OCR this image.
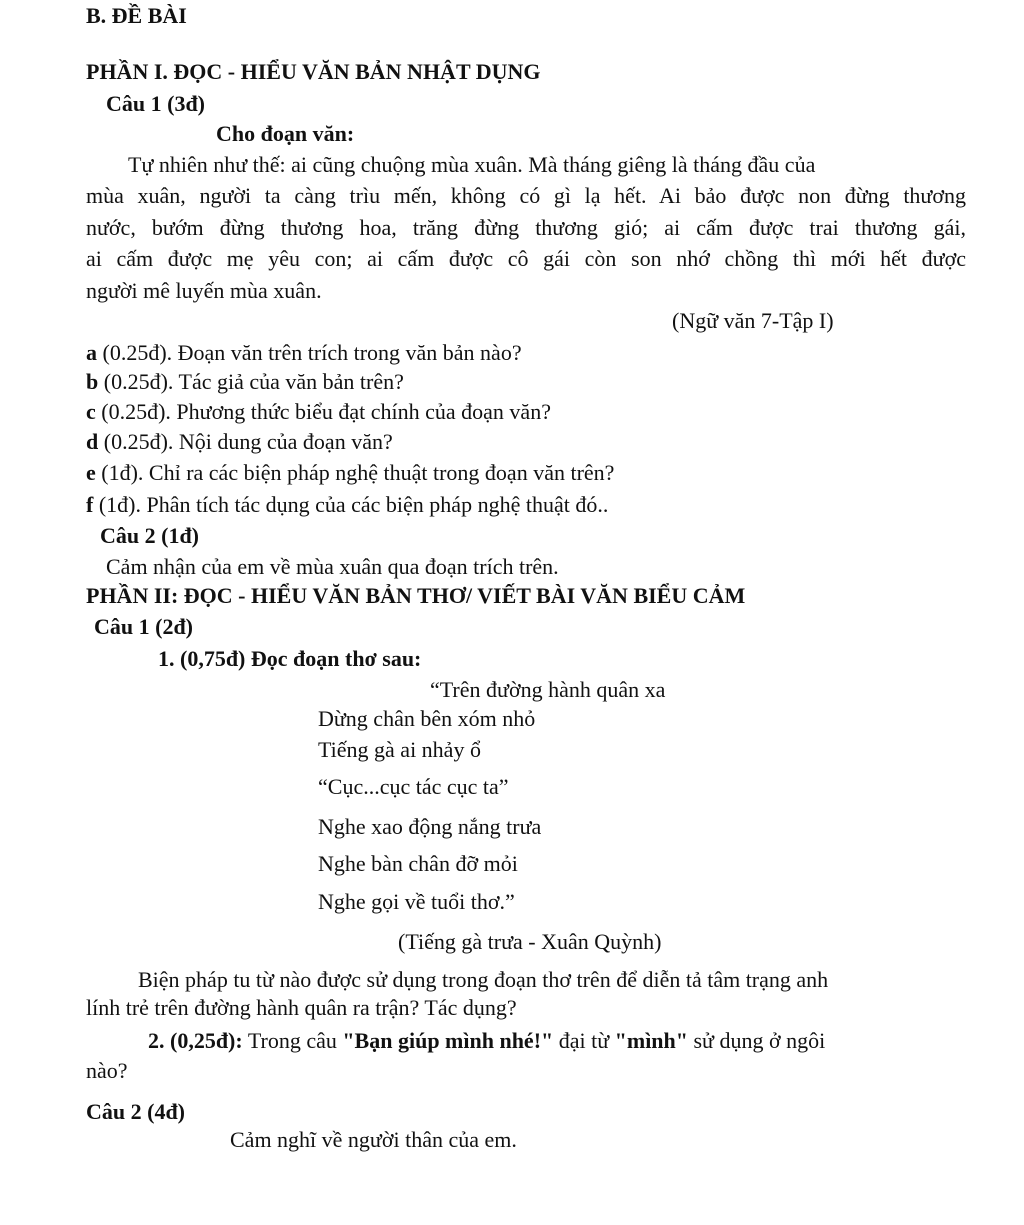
B. ĐỀ BÀI
PHẦN I. ĐỌC - HIỂU VĂN BẢN NHẬT DỤNG
Câu 1 (3đ)
Cho đoạn văn:
Tự nhiên như thế: ai cũng chuộng mùa xuân. Mà tháng giêng là tháng đầu của
mùa xuân, người ta càng trìu mến, không có gì lạ hết. Ai bảo được non đừng thương
nước, bướm đừng thương hoa, trăng đừng thương gió; ai cấm được trai thương gái,
ai cấm được mẹ yêu con; ai cấm được cô gái còn son nhớ chồng thì mới hết được
người mê luyến mùa xuân.
(Ngữ văn 7-Tập I)
a (0.25đ). Đoạn văn trên trích trong văn bản nào?
b (0.25đ). Tác giả của văn bản trên?
c (0.25đ). Phương thức biểu đạt chính của đoạn văn?
d (0.25đ). Nội dung của đoạn văn?
e (1đ). Chỉ ra các biện pháp nghệ thuật trong đoạn văn trên?
f (1đ). Phân tích tác dụng của các biện pháp nghệ thuật đó..
Câu 2 (1đ)
Cảm nhận của em về mùa xuân qua đoạn trích trên.
PHẦN II: ĐỌC - HIỂU VĂN BẢN THƠ/ VIẾT BÀI VĂN BIỂU CẢM
Câu 1 (2đ)
1. (0,75đ) Đọc đoạn thơ sau:
“Trên đường hành quân xa
Dừng chân bên xóm nhỏ
Tiếng gà ai nhảy ổ
“Cục...cục tác cục ta”
Nghe xao động nắng trưa
Nghe bàn chân đỡ mỏi
Nghe gọi về tuổi thơ.”
(Tiếng gà trưa - Xuân Quỳnh)
Biện pháp tu từ nào được sử dụng trong đoạn thơ trên để diễn tả tâm trạng anh
lính trẻ trên đường hành quân ra trận? Tác dụng?
2. (0,25đ): Trong câu "Bạn giúp mình nhé!" đại từ "mình" sử dụng ở ngôi
nào?
Câu 2 (4đ)
Cảm nghĩ về người thân của em.
